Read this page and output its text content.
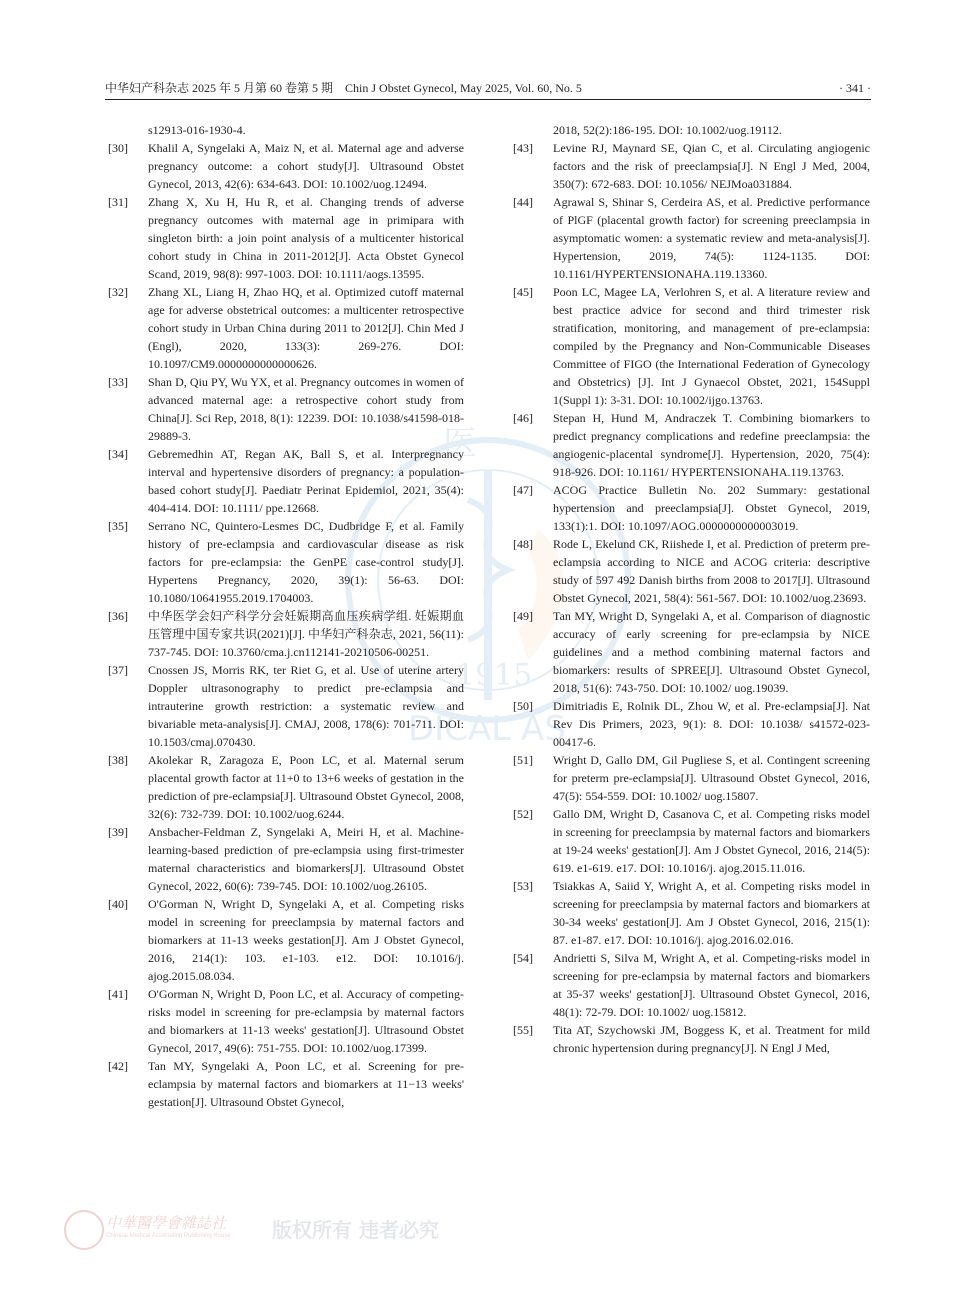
中华妇产科杂志 2025 年 5 月第 60 卷第 5 期 Chin J Obstet Gynecol, May 2025, Vol. 60, No. 5	· 341 ·
医
1915
DICAL AS
s12913-016-1930-4.
[30] Khalil A, Syngelaki A, Maiz N, et al. Maternal age and adverse pregnancy outcome: a cohort study[J]. Ultrasound Obstet Gynecol, 2013, 42(6): 634-643. DOI: 10.1002/uog.12494.
[31] Zhang X, Xu H, Hu R, et al. Changing trends of adverse pregnancy outcomes with maternal age in primipara with singleton birth: a join point analysis of a multicenter historical cohort study in China in 2011-2012[J]. Acta Obstet Gynecol Scand, 2019, 98(8): 997-1003. DOI: 10.1111/aogs.13595.
[32] Zhang XL, Liang H, Zhao HQ, et al. Optimized cutoff maternal age for adverse obstetrical outcomes: a multicenter retrospective cohort study in Urban China during 2011 to 2012[J]. Chin Med J (Engl), 2020, 133(3): 269-276. DOI: 10.1097/CM9.0000000000000626.
[33] Shan D, Qiu PY, Wu YX, et al. Pregnancy outcomes in women of advanced maternal age: a retrospective cohort study from China[J]. Sci Rep, 2018, 8(1): 12239. DOI: 10.1038/s41598-018-29889-3.
[34] Gebremedhin AT, Regan AK, Ball S, et al. Interpregnancy interval and hypertensive disorders of pregnancy: a population-based cohort study[J]. Paediatr Perinat Epidemiol, 2021, 35(4): 404-414. DOI: 10.1111/ ppe.12668.
[35] Serrano NC, Quintero-Lesmes DC, Dudbridge F, et al. Family history of pre-eclampsia and cardiovascular disease as risk factors for pre-eclampsia: the GenPE case-control study[J]. Hypertens Pregnancy, 2020, 39(1): 56-63. DOI: 10.1080/10641955.2019.1704003.
[36] 中华医学会妇产科学分会妊娠期高血压疾病学组. 妊娠期血压管理中国专家共识(2021)[J]. 中华妇产科杂志, 2021, 56(11): 737-745. DOI: 10.3760/cma.j.cn112141-20210506-00251.
[37] Cnossen JS, Morris RK, ter Riet G, et al. Use of uterine artery Doppler ultrasonography to predict pre-eclampsia and intrauterine growth restriction: a systematic review and bivariable meta-analysis[J]. CMAJ, 2008, 178(6): 701-711. DOI: 10.1503/cmaj.070430.
[38] Akolekar R, Zaragoza E, Poon LC, et al. Maternal serum placental growth factor at 11+0 to 13+6 weeks of gestation in the prediction of pre-eclampsia[J]. Ultrasound Obstet Gynecol, 2008, 32(6): 732-739. DOI: 10.1002/uog.6244.
[39] Ansbacher-Feldman Z, Syngelaki A, Meiri H, et al. Machine-learning-based prediction of pre-eclampsia using first-trimester maternal characteristics and biomarkers[J]. Ultrasound Obstet Gynecol, 2022, 60(6): 739-745. DOI: 10.1002/uog.26105.
[40] O'Gorman N, Wright D, Syngelaki A, et al. Competing risks model in screening for preeclampsia by maternal factors and biomarkers at 11-13 weeks gestation[J]. Am J Obstet Gynecol, 2016, 214(1): 103. e1-103. e12. DOI: 10.1016/j. ajog.2015.08.034.
[41] O'Gorman N, Wright D, Poon LC, et al. Accuracy of competing-risks model in screening for pre-eclampsia by maternal factors and biomarkers at 11-13 weeks' gestation[J]. Ultrasound Obstet Gynecol, 2017, 49(6): 751-755. DOI: 10.1002/uog.17399.
[42] Tan MY, Syngelaki A, Poon LC, et al. Screening for pre-eclampsia by maternal factors and biomarkers at 11−13 weeks' gestation[J]. Ultrasound Obstet Gynecol,
2018, 52(2):186-195. DOI: 10.1002/uog.19112.
[43] Levine RJ, Maynard SE, Qian C, et al. Circulating angiogenic factors and the risk of preeclampsia[J]. N Engl J Med, 2004, 350(7): 672-683. DOI: 10.1056/ NEJMoa031884.
[44] Agrawal S, Shinar S, Cerdeira AS, et al. Predictive performance of PlGF (placental growth factor) for screening preeclampsia in asymptomatic women: a systematic review and meta-analysis[J]. Hypertension, 2019, 74(5): 1124-1135. DOI: 10.1161/HYPERTENSIONAHA.119.13360.
[45] Poon LC, Magee LA, Verlohren S, et al. A literature review and best practice advice for second and third trimester risk stratification, monitoring, and management of pre-eclampsia: compiled by the Pregnancy and Non-Communicable Diseases Committee of FIGO (the International Federation of Gynecology and Obstetrics) [J]. Int J Gynaecol Obstet, 2021, 154Suppl 1(Suppl 1): 3-31. DOI: 10.1002/ijgo.13763.
[46] Stepan H, Hund M, Andraczek T. Combining biomarkers to predict pregnancy complications and redefine preeclampsia: the angiogenic-placental syndrome[J]. Hypertension, 2020, 75(4): 918-926. DOI: 10.1161/ HYPERTENSIONAHA.119.13763.
[47] ACOG Practice Bulletin No. 202 Summary: gestational hypertension and preeclampsia[J]. Obstet Gynecol, 2019, 133(1):1. DOI: 10.1097/AOG.0000000000003019.
[48] Rode L, Ekelund CK, Riishede I, et al. Prediction of preterm pre-eclampsia according to NICE and ACOG criteria: descriptive study of 597 492 Danish births from 2008 to 2017[J]. Ultrasound Obstet Gynecol, 2021, 58(4): 561-567. DOI: 10.1002/uog.23693.
[49] Tan MY, Wright D, Syngelaki A, et al. Comparison of diagnostic accuracy of early screening for pre-eclampsia by NICE guidelines and a method combining maternal factors and biomarkers: results of SPREE[J]. Ultrasound Obstet Gynecol, 2018, 51(6): 743-750. DOI: 10.1002/ uog.19039.
[50] Dimitriadis E, Rolnik DL, Zhou W, et al. Pre-eclampsia[J]. Nat Rev Dis Primers, 2023, 9(1): 8. DOI: 10.1038/ s41572-023-00417-6.
[51] Wright D, Gallo DM, Gil Pugliese S, et al. Contingent screening for preterm pre-eclampsia[J]. Ultrasound Obstet Gynecol, 2016, 47(5): 554-559. DOI: 10.1002/ uog.15807.
[52] Gallo DM, Wright D, Casanova C, et al. Competing risks model in screening for preeclampsia by maternal factors and biomarkers at 19-24 weeks' gestation[J]. Am J Obstet Gynecol, 2016, 214(5): 619. e1-619. e17. DOI: 10.1016/j. ajog.2015.11.016.
[53] Tsiakkas A, Saiid Y, Wright A, et al. Competing risks model in screening for preeclampsia by maternal factors and biomarkers at 30-34 weeks' gestation[J]. Am J Obstet Gynecol, 2016, 215(1): 87. e1-87. e17. DOI: 10.1016/j. ajog.2016.02.016.
[54] Andrietti S, Silva M, Wright A, et al. Competing-risks model in screening for pre-eclampsia by maternal factors and biomarkers at 35-37 weeks' gestation[J]. Ultrasound Obstet Gynecol, 2016, 48(1): 72-79. DOI: 10.1002/ uog.15812.
[55] Tita AT, Szychowski JM, Boggess K, et al. Treatment for mild chronic hypertension during pregnancy[J]. N Engl J Med,
中華醫學會雜誌社
Chinese Medical Association Publishing House 版权所有 违者必究
